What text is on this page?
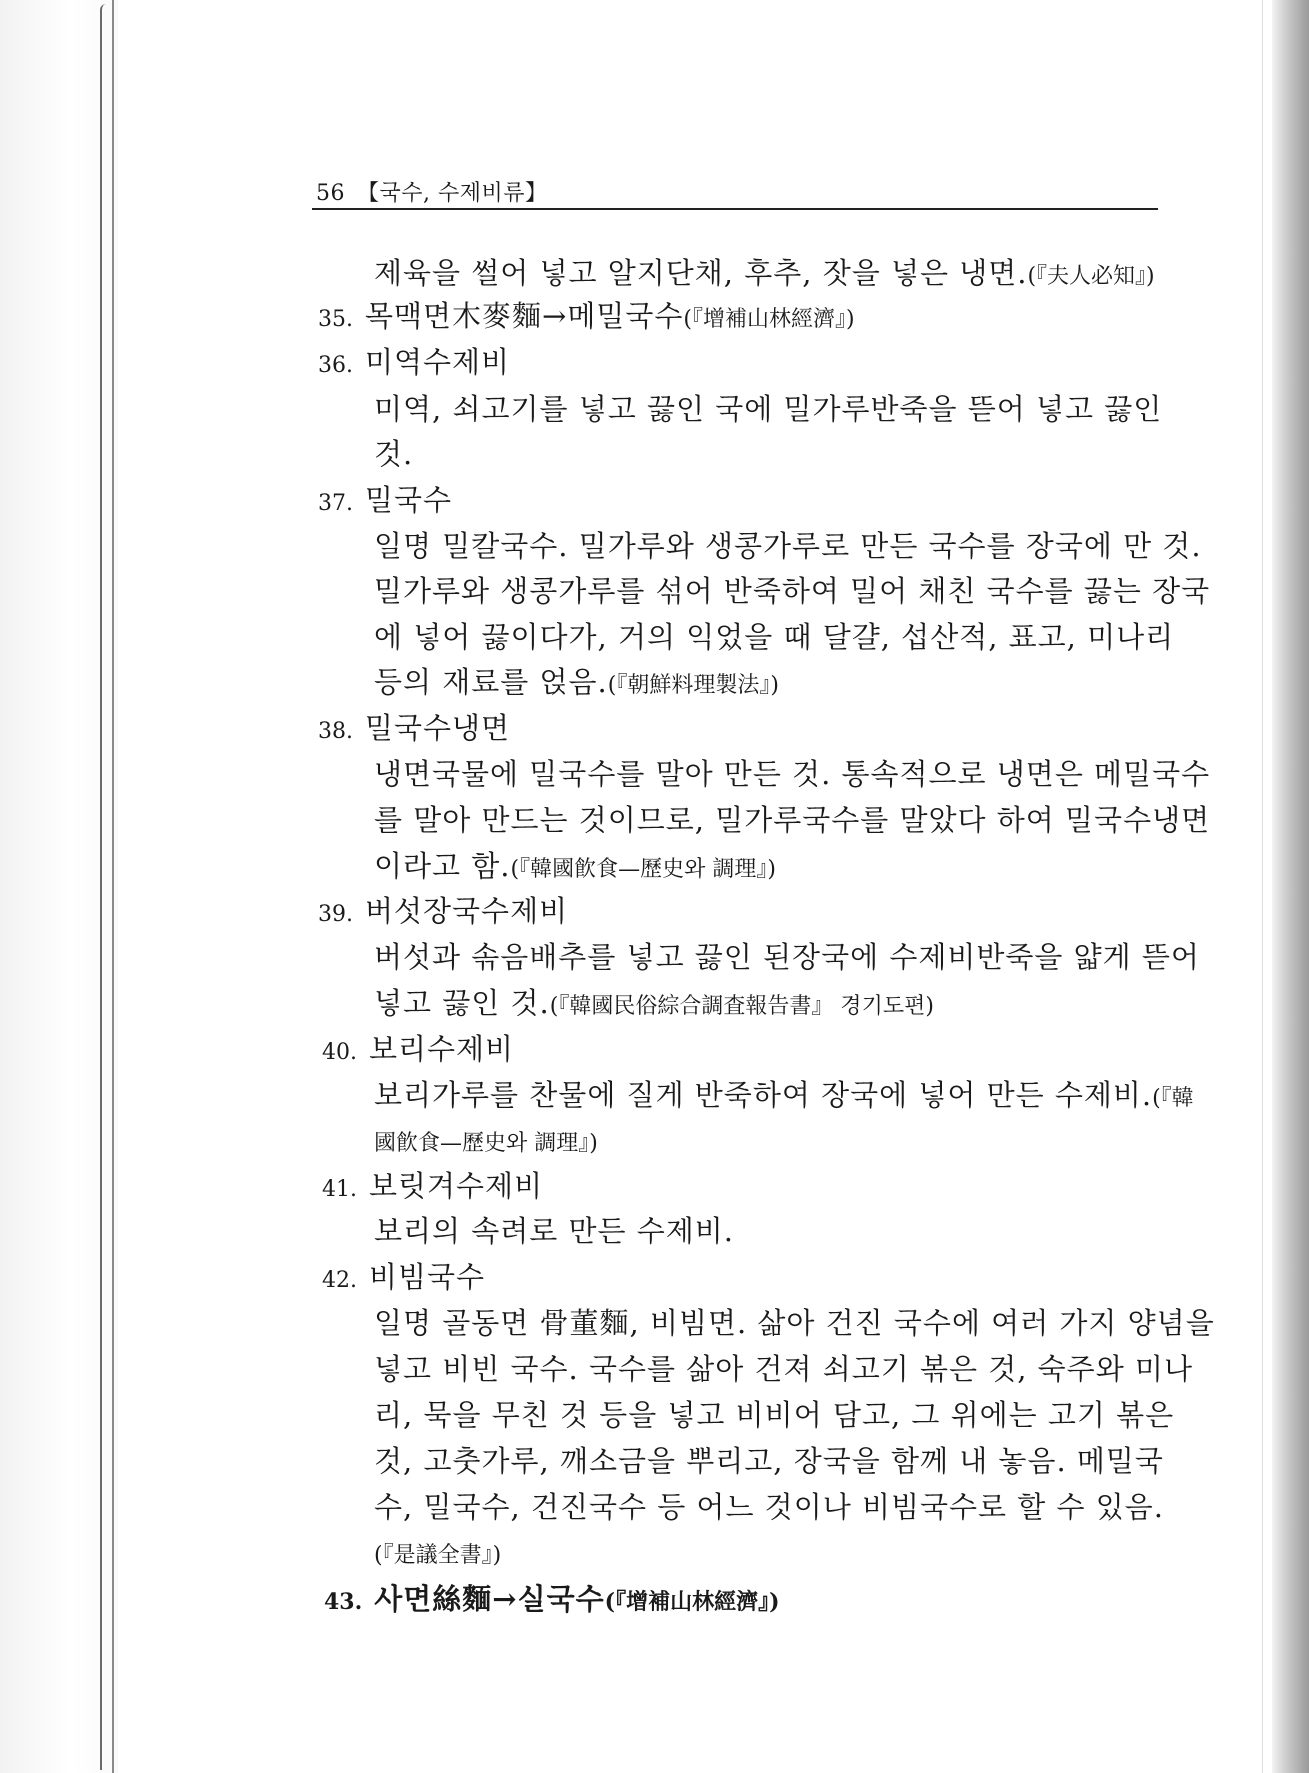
56 【국수, 수제비류】
제육을 썰어 넣고 알지단채, 후추, 잣을 넣은 냉면.(『夫人必知』)
35. 목맥면木麥麵→메밀국수(『增補山林經濟』)
36. 미역수제비
미역, 쇠고기를 넣고 끓인 국에 밀가루반죽을 뜯어 넣고 끓인
것.
37. 밀국수
일명 밀칼국수. 밀가루와 생콩가루로 만든 국수를 장국에 만 것.
밀가루와 생콩가루를 섞어 반죽하여 밀어 채친 국수를 끓는 장국
에 넣어 끓이다가, 거의 익었을 때 달걀, 섭산적, 표고, 미나리
등의 재료를 얹음.(『朝鮮料理製法』)
38. 밀국수냉면
냉면국물에 밀국수를 말아 만든 것. 통속적으로 냉면은 메밀국수
를 말아 만드는 것이므로, 밀가루국수를 말았다 하여 밀국수냉면
이라고 함.(『韓國飮食—歷史와 調理』)
39. 버섯장국수제비
버섯과 솎음배추를 넣고 끓인 된장국에 수제비반죽을 얇게 뜯어
넣고 끓인 것.(『韓國民俗綜合調査報告書』 경기도편)
40. 보리수제비
보리가루를 찬물에 질게 반죽하여 장국에 넣어 만든 수제비.(『韓
國飮食—歷史와 調理』)
41. 보릿겨수제비
보리의 속려로 만든 수제비.
42. 비빔국수
일명 골동면 骨董麵, 비빔면. 삶아 건진 국수에 여러 가지 양념을
넣고 비빈 국수. 국수를 삶아 건져 쇠고기 볶은 것, 숙주와 미나
리, 묵을 무친 것 등을 넣고 비비어 담고, 그 위에는 고기 볶은
것, 고춧가루, 깨소금을 뿌리고, 장국을 함께 내 놓음. 메밀국
수, 밀국수, 건진국수 등 어느 것이나 비빔국수로 할 수 있음.
(『是議全書』)
43. 사면絲麵→실국수(『增補山林經濟』)
